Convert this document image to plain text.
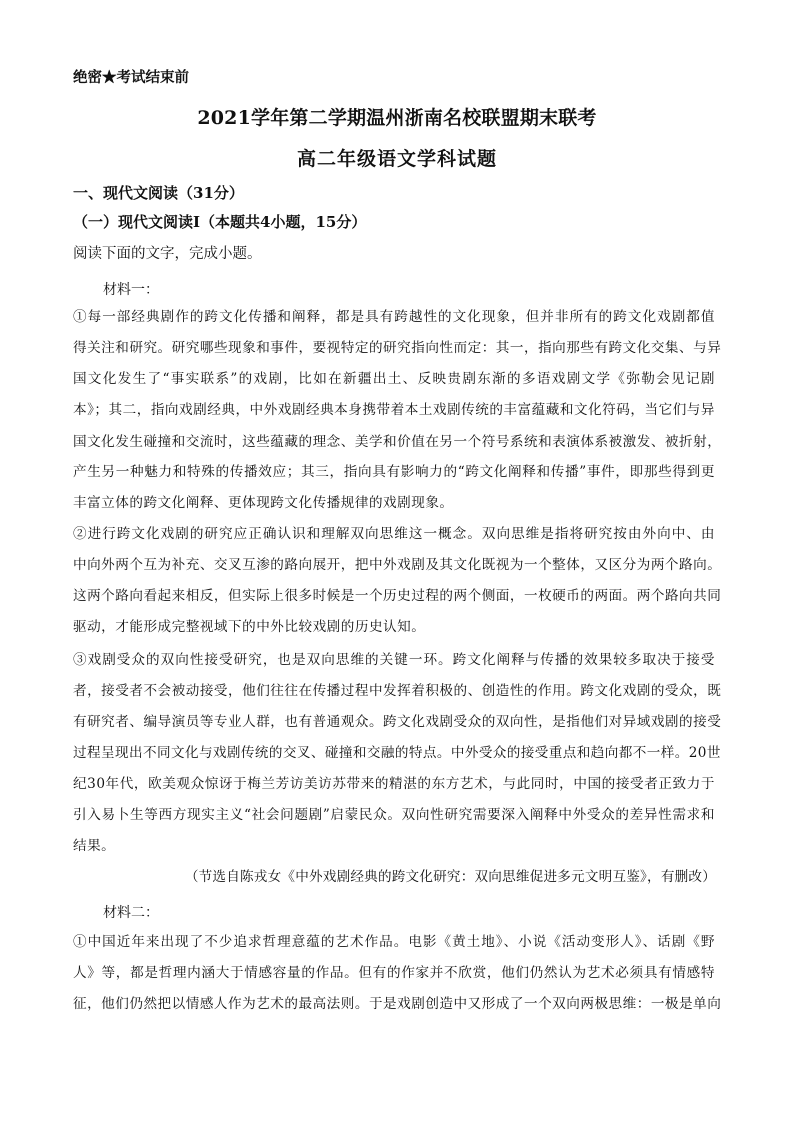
绝密★考试结束前
2021学年第二学期温州浙南名校联盟期末联考
高二年级语文学科试题
一、现代文阅读（31分）
（一）现代文阅读Ⅰ（本题共4小题，15分）
阅读下面的文字，完成小题。
材料一：
①每一部经典剧作的跨文化传播和阐释，都是具有跨越性的文化现象，但并非所有的跨文化戏剧都值
得关注和研究。研究哪些现象和事件，要视特定的研究指向性而定：其一，指向那些有跨文化交集、与异
国文化发生了“事实联系”的戏剧，比如在新疆出土、反映贵剧东渐的多语戏剧文学《弥勒会见记剧
本》；其二，指向戏剧经典，中外戏剧经典本身携带着本土戏剧传统的丰富蕴藏和文化符码，当它们与异
国文化发生碰撞和交流时，这些蕴藏的理念、美学和价值在另一个符号系统和表演体系被激发、被折射，
产生另一种魅力和特殊的传播效应；其三，指向具有影响力的“跨文化阐释和传播”事件，即那些得到更
丰富立体的跨文化阐释、更体现跨文化传播规律的戏剧现象。
②进行跨文化戏剧的研究应正确认识和理解双向思维这一概念。双向思维是指将研究按由外向中、由
中向外两个互为补充、交叉互渗的路向展开，把中外戏剧及其文化既视为一个整体，又区分为两个路向。
这两个路向看起来相反，但实际上很多时候是一个历史过程的两个侧面，一枚硬币的两面。两个路向共同
驱动，才能形成完整视域下的中外比较戏剧的历史认知。
③戏剧受众的双向性接受研究，也是双向思维的关键一环。跨文化阐释与传播的效果较多取决于接受
者，接受者不会被动接受，他们往往在传播过程中发挥着积极的、创造性的作用。跨文化戏剧的受众，既
有研究者、编导演员等专业人群，也有普通观众。跨文化戏剧受众的双向性，是指他们对异域戏剧的接受
过程呈现出不同文化与戏剧传统的交叉、碰撞和交融的特点。中外受众的接受重点和趋向都不一样。20世
纪30年代，欧美观众惊讶于梅兰芳访美访苏带来的精湛的东方艺术，与此同时，中国的接受者正致力于
引入易卜生等西方现实主义“社会问题剧”启蒙民众。双向性研究需要深入阐释中外受众的差异性需求和
结果。
（节选自陈戎女《中外戏剧经典的跨文化研究：双向思维促进多元文明互鉴》，有删改）
材料二：
①中国近年来出现了不少追求哲理意蕴的艺术作品。电影《黄土地》、小说《活动变形人》、话剧《野
人》等，都是哲理内涵大于情感容量的作品。但有的作家并不欣赏，他们仍然认为艺术必须具有情感特
征，他们仍然把以情感人作为艺术的最高法则。于是戏剧创造中又形成了一个双向两极思维：一极是单向
